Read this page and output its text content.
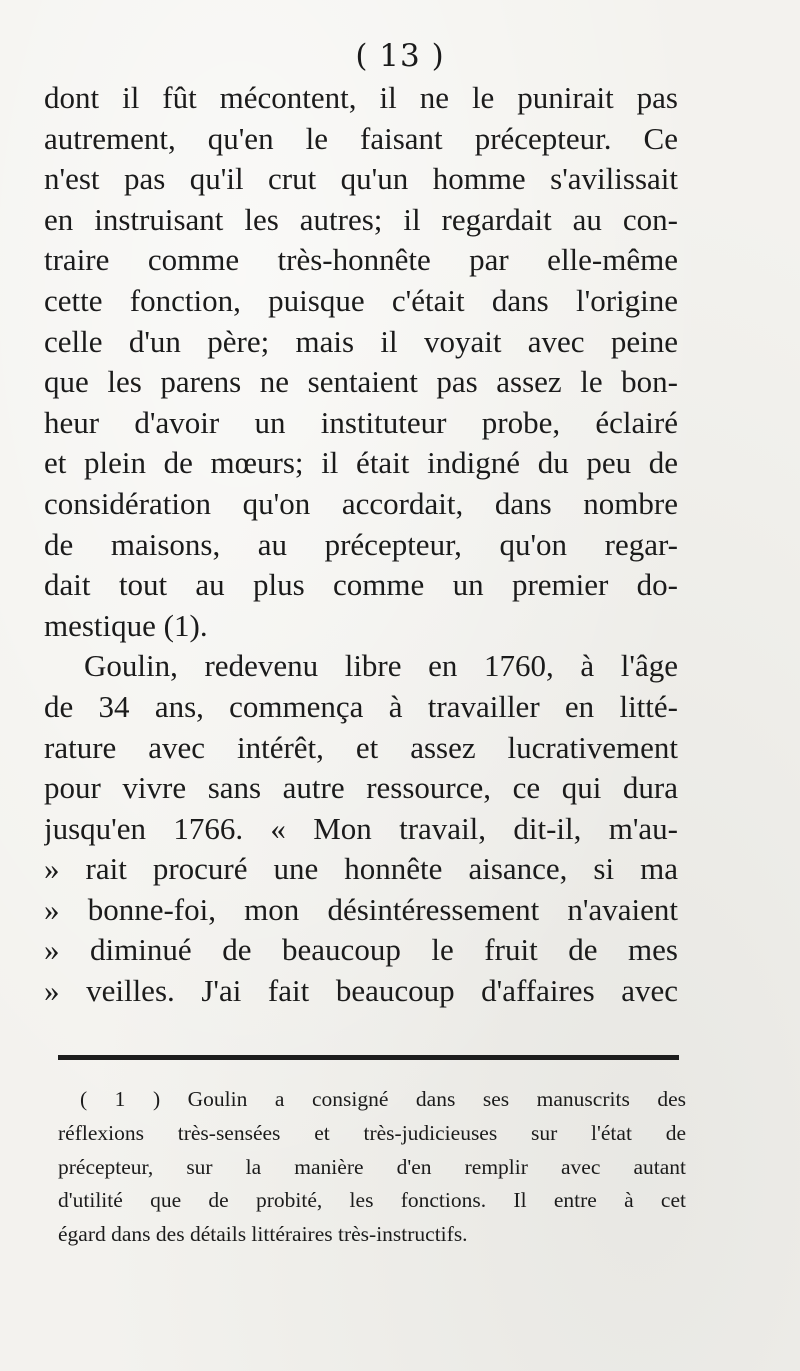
( 13 )
dont il fût mécontent, il ne le punirait pas
autrement, qu'en le faisant précepteur. Ce
n'est pas qu'il crut qu'un homme s'avilissait
en instruisant les autres; il regardait au con-
traire comme très-honnête par elle-même
cette fonction, puisque c'était dans l'origine
celle d'un père; mais il voyait avec peine
que les parens ne sentaient pas assez le bon-
heur d'avoir un instituteur probe, éclairé
et plein de mœurs; il était indigné du peu de
considération qu'on accordait, dans nombre
de maisons, au précepteur, qu'on regar-
dait tout au plus comme un premier do-
mestique (1).
Goulin, redevenu libre en 1760, à l'âge
de 34 ans, commença à travailler en litté-
rature avec intérêt, et assez lucrativement
pour vivre sans autre ressource, ce qui dura
jusqu'en 1766. « Mon travail, dit-il, m'au-
» rait procuré une honnête aisance, si ma
» bonne-foi, mon désintéressement n'avaient
» diminué de beaucoup le fruit de mes
» veilles. J'ai fait beaucoup d'affaires avec
( 1 ) Goulin a consigné dans ses manuscrits des
réflexions très-sensées et très-judicieuses sur l'état de
précepteur, sur la manière d'en remplir avec autant
d'utilité que de probité, les fonctions. Il entre à cet
égard dans des détails littéraires très-instructifs.
